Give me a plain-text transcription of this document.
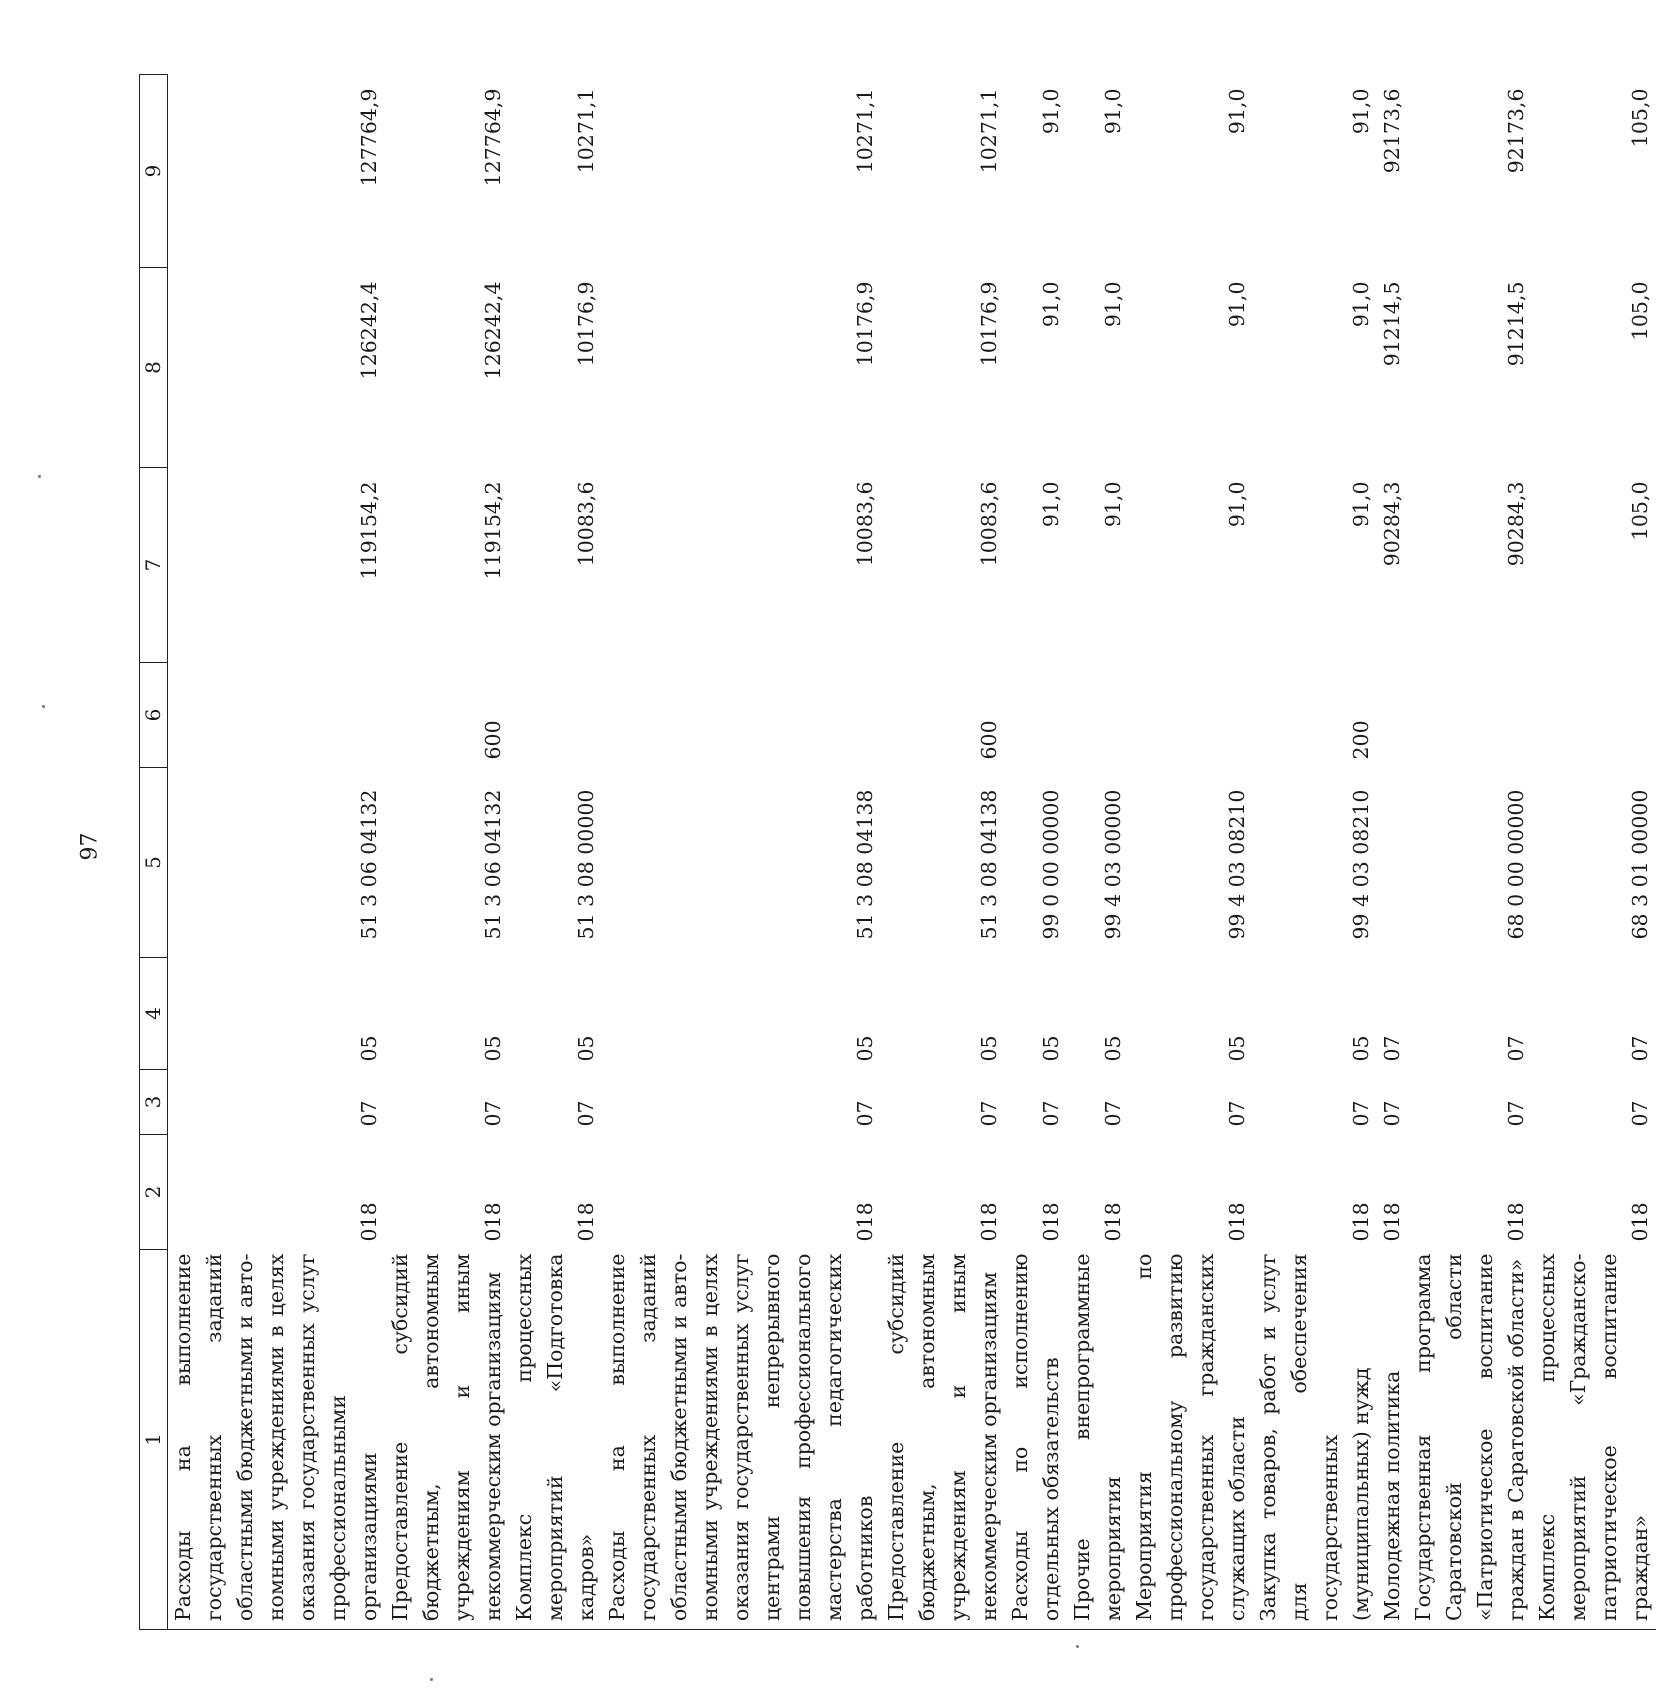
97
1	2	3	4	5	6	7	8	9
Расходы на выполнение государственных заданий областными бюджетными и автономными учреждениями в целях оказания государственных услуг профессиональными организациями	018	07	05	51 3 06 04132		119154,2	126242,4	127764,9
Предоставление субсидий бюджетным, автономным учреждениям и иным некоммерческим организациям	018	07	05	51 3 06 04132	600	119154,2	126242,4	127764,9
Комплекс процессных мероприятий «Подготовка кадров»	018	07	05	51 3 08 00000		10083,6	10176,9	10271,1
Расходы на выполнение государственных заданий областными бюджетными и автономными учреждениями в целях оказания государственных услуг центрами непрерывного повышения профессионального мастерства педагогических работников	018	07	05	51 3 08 04138		10083,6	10176,9	10271,1
Предоставление субсидий бюджетным, автономным учреждениям и иным некоммерческим организациям	018	07	05	51 3 08 04138	600	10083,6	10176,9	10271,1
Расходы по исполнению отдельных обязательств	018	07	05	99 0 00 00000		91,0	91,0	91,0
Прочие внепрограммные мероприятия	018	07	05	99 4 03 00000		91,0	91,0	91,0
Мероприятия по профессиональному развитию государственных гражданских служащих области	018	07	05	99 4 03 08210		91,0	91,0	91,0
Закупка товаров, работ и услуг для обеспечения государственных (муниципальных) нужд	018	07	05	99 4 03 08210	200	91,0	91,0	91,0
Молодежная политика	018	07	07			90284,3	91214,5	92173,6
Государственная программа Саратовской области «Патриотическое воспитание граждан в Саратовской области»	018	07	07	68 0 00 00000		90284,3	91214,5	92173,6
Комплекс процессных мероприятий «Гражданско-патриотическое воспитание граждан»	018	07	07	68 3 01 00000		105,0	105,0	105,0
